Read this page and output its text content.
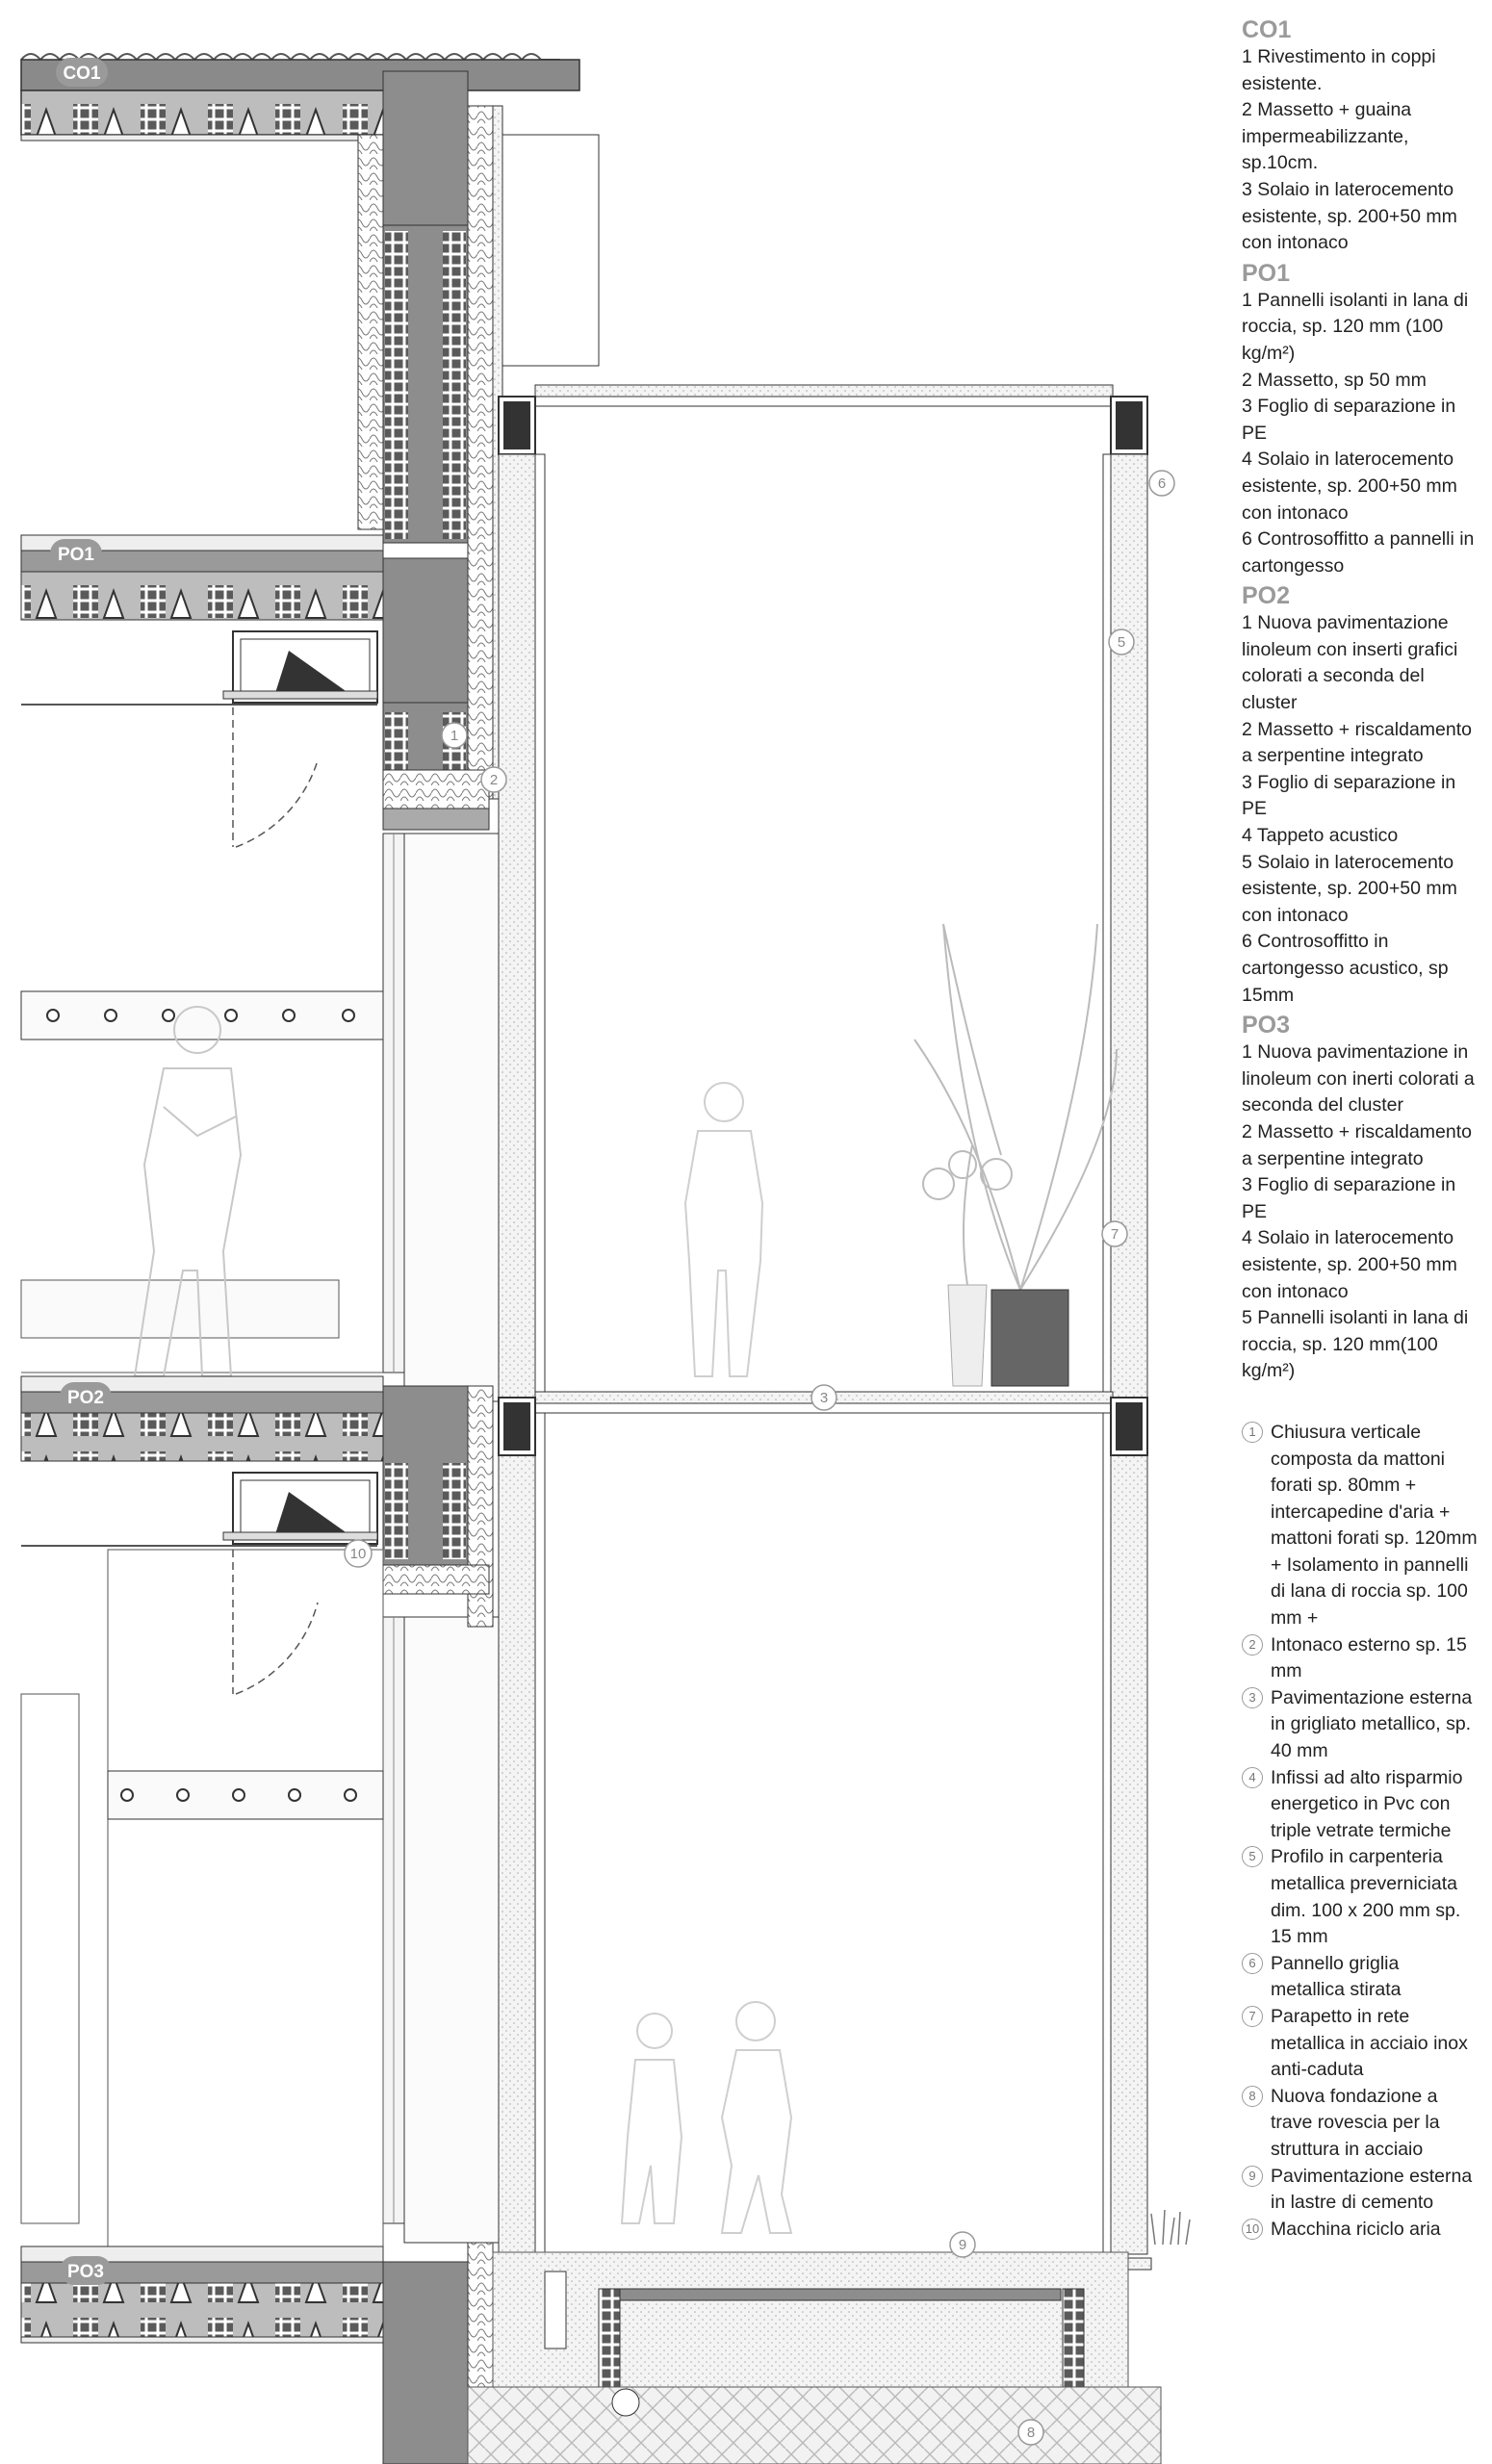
CO1
PO1
PO2
PO3
1
2
3
5
6
7
8
9
10
CO1
1 Rivestimento in coppi esistente.
2 Massetto + guaina impermeabilizzante, sp.10cm.
3 Solaio in laterocemento esistente, sp. 200+50 mm con intonaco
PO1
1 Pannelli isolanti in lana di roccia, sp. 120 mm (100 kg/m²)
2 Massetto, sp 50 mm
3 Foglio di separazione in PE
4 Solaio in laterocemento esistente, sp. 200+50 mm con intonaco
6 Controsoffitto a pannelli in cartongesso
PO2
1 Nuova pavimentazione linoleum con inserti grafici colorati a seconda del cluster
2 Massetto + riscaldamento a serpentine integrato
3 Foglio di separazione in PE
4 Tappeto acustico
5 Solaio in laterocemento esistente, sp. 200+50 mm con intonaco
6 Controsoffitto in cartongesso acustico, sp 15mm
PO3
1 Nuova pavimentazione in linoleum con inerti colorati a seconda del cluster
2 Massetto + riscaldamento a serpentine integrato
3 Foglio di separazione in PE
4 Solaio in laterocemento esistente, sp. 200+50 mm con intonaco
5 Pannelli isolanti in lana di roccia, sp. 120 mm(100 kg/m²)
1 Chiusura verticale composta da mattoni forati sp. 80mm + intercapedine d'aria + mattoni forati sp. 120mm + Isolamento in pannelli di lana di roccia sp. 100 mm +
2 Intonaco esterno sp. 15 mm
3 Pavimentazione esterna in grigliato metallico, sp. 40 mm
4 Infissi ad alto risparmio energetico in Pvc con triple vetrate termiche
5 Profilo in carpenteria metallica preverniciata dim. 100 x 200 mm sp. 15 mm
6 Pannello griglia metallica stirata
7 Parapetto in rete metallica in acciaio inox anti-caduta
8 Nuova fondazione a trave rovescia per la struttura in acciaio
9 Pavimentazione esterna in lastre di cemento
10 Macchina riciclo aria
